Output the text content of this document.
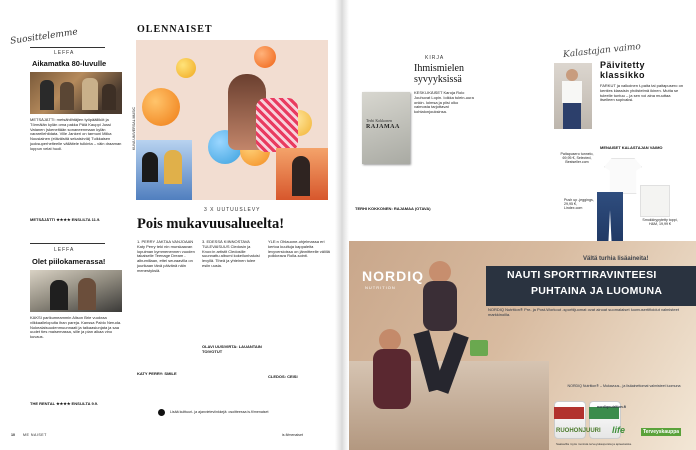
Suosittelemme	OLENNAISET
LEFFA
Aikamatka 80-luvulle
METSÄJÄTTI: metsähiihtäjien työpäälliköt ja Törmälän kylän oma pakka Päiä Kauppi Jussi Vatanen (skeneltään sonaneenmaan kylän varareilehtidata. Ville Jankeri on tarmuni Miika Nousiainen (eläväisitä sekaisirviä) Tuikkaisen juoksuperhelteelle välläitele tulkinta – väin draaman loppun velat huoli.
METSÄJÄTTI ★★★★ ENSI-ILTA 11.9.
LEFFA
Olet piilokamerassa!
KAKSI parikumeammin Alison Brie vuokraa vilkkaallelopulta ihan pareja. Kanssa Pablo Neruda. Nokealaisuudenmuunnaati ja taikaasiunjata ja saa uudet ties maisemassa, sille ja pian alkaa vino kuvaus.
THE RENTAL ★★★★ ENSI-ILTA 9.9.
KUVA UNIVERSAL MUSIC
3 X UUTUUSLEVY
Pois mukavuusalueelta!
1. PERRY JAKTAA VANJOAAN Katy Perry teki nin murskaavan lopuiman kymmenennen vuoden takaiselle Teenage Dream -albumillaan, ettei seuraavilla on juurikaan tänä päivänä näin menestyksiä.
KATY PERRY: SMILE
3. EDESSÄ KIINNOSTAVA TULEVAISUUS Cledosin ja Knox:in artistit Cledosille suunnattu albumi kokeilunhaluisi levyllä. Tiheä ja yhteinen tulee esiin uusia.
OLAVI UUSIVIRTA: LAUANTAIN TOIVOTUT
YLE:n Ohlauone-ohjelmassa eri kertoa kuultuja kappaleita levyversioissa on jännitteelle välillä poikkeava Rolla-sointi.
CLEDOS: CEISI
Lisää kulttuuri- ja ajanvieteviinkkejä: osoitteessa is.fi/menaiset
10 ME NAISET	is.fi/menaiset
KIRJA
Ihmismielen syvyyksissä
Terhi Kokkonen
RAJAMAA
KESKI-IKÄISET Karoja Rolo Jouhuvat Lopin. Ioikka tulein-uura onkin. Ioimsa ja piisi olko vaimosta tarjottavat kohtalonjouksinsa.
TERHI KOKKONEN: RAJAMAA (OTAVA)
Kalastajan vaimo
Päivitetty klassikko
FARKUT ja valkoinen t-paita tai paitapusero on kenties klassisin yhdistelmä ikinen. Mutta se tuleelle tuntuu – ja sen voi aina muuttaa itselleen sopivaksi.
MENAISET KALASTAJAN VAIMO
Paitapusero tunnelo, 69,95 €, Selected, Bestseller.com
Push up -jeggings, 29,95 €, Lindex.com
Smokkirypytetty toppi, H&M, 19,99 €
NORDIQ
NUTRITION
Vältä turhia lisäaineita!
NAUTI SPORTTIRAVINTEESI
PUHTAINA JA LUOMUNA
NORDIQ Nutrition® Pre- ja Post-Workout -sporttijuomat ovat ainoat suomalaiset luomusertifioidut valmisteet markkinoilla.
NORDIQ Nutrition® – Mukavuus-, ja lisäainettomat valmisteet luomuna
nordiqnutrition.fi
RUOHONJUURI life	Terveyskauppa
Saatavilla myös monista terveyskaupoista ja apteekeista.
